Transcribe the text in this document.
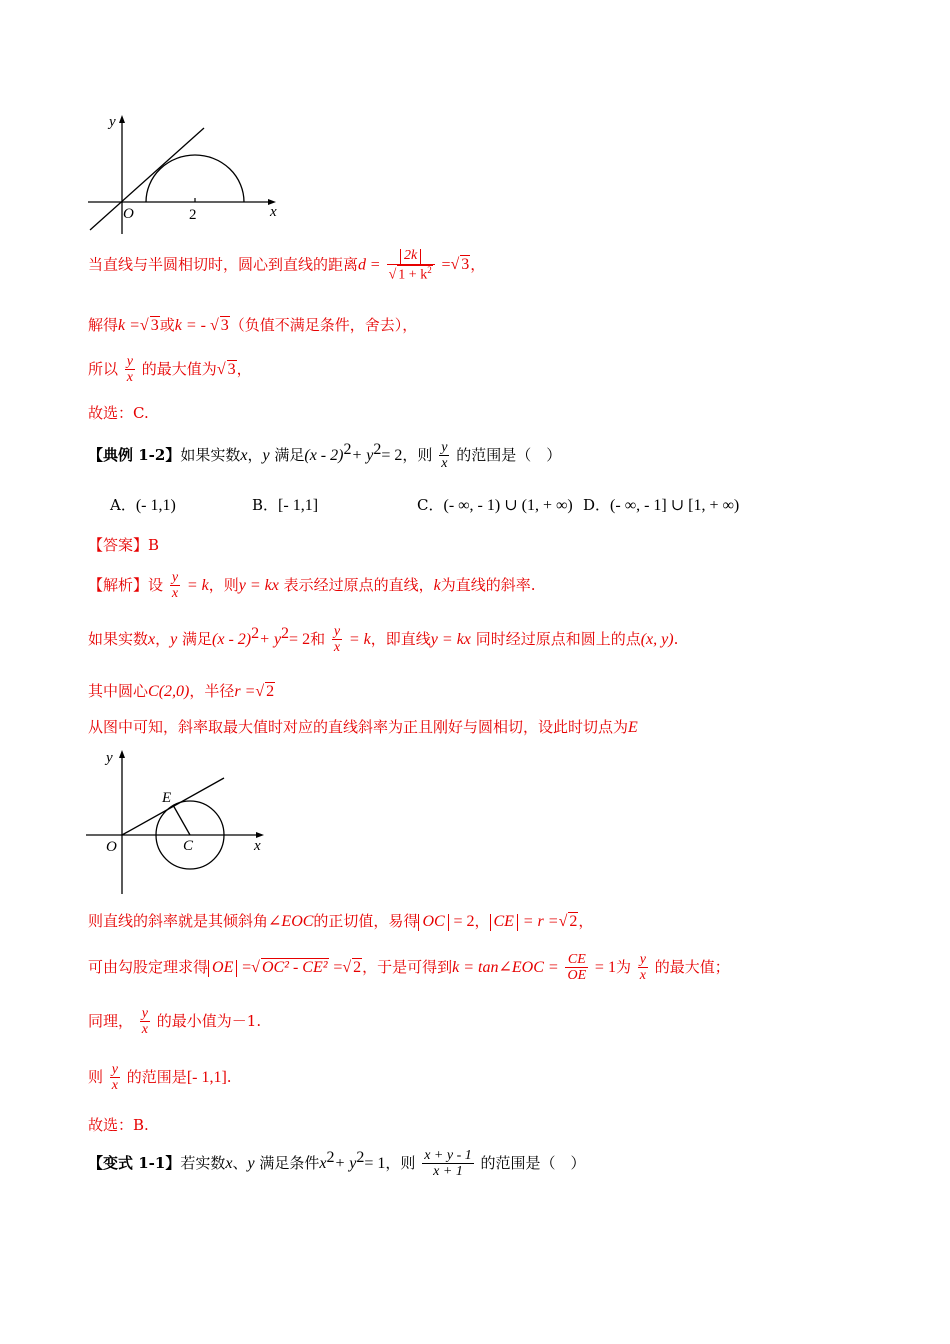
y
O	2	x
当直线与半圆相切时，圆心到直线的距离$d = \frac{2k}{√ 1 + k^2}$ =√ 3，
解得k =√ 3或k = - √ 3（负值不满足条件，舍去），
所以 $\frac{y}{x}$ 的最大值为√ 3，
故选：C.
【典例 1-2】如果实数x，y 满足$(x - 2)^2+ y^2= 2$，则 $\frac{y}{x}$ 的范围是（　）
A．(- 1,1)	B．[- 1,1]	C．(- ∞, - 1) ∪ (1, + ∞) D．(- ∞, - 1] ∪ [1, + ∞)
【答案】B
【解析】设 $\frac{y}{x} = k$，则y = kx 表示经过原点的直线，k为直线的斜率.
如果实数x，y 满足$(x - 2)^2+ y^2= 2$和 $\frac{y}{x} = k$，即直线y = kx 同时经过原点和圆上的点(x, y).
其中圆心C(2,0)，半径r =√ 2
从图中可知，斜率取最大值时对应的直线斜率为正且刚好与圆相切，设此时切点为E
y
E
O	C	x
则直线的斜率就是其倾斜角∠EOC的正切值，易得 OC = 2， CE = r =√ 2，
可由勾股定理求得 OE =√ OC² - CE² =√ 2，于是可得到k = tan∠EOC = $\frac{CE}{OE} = 1$为 $\frac{y}{x}$ 的最大值；
同理， $\frac{y}{x}$ 的最小值为－1.
则 $\frac{y}{x}$ 的范围是[- 1,1].
故选：B.
【变式 1-1】若实数x、y 满足条件$x^2+ y^2= 1$，则 $\frac{x + y - 1}{x + 1}$ 的范围是（　）
